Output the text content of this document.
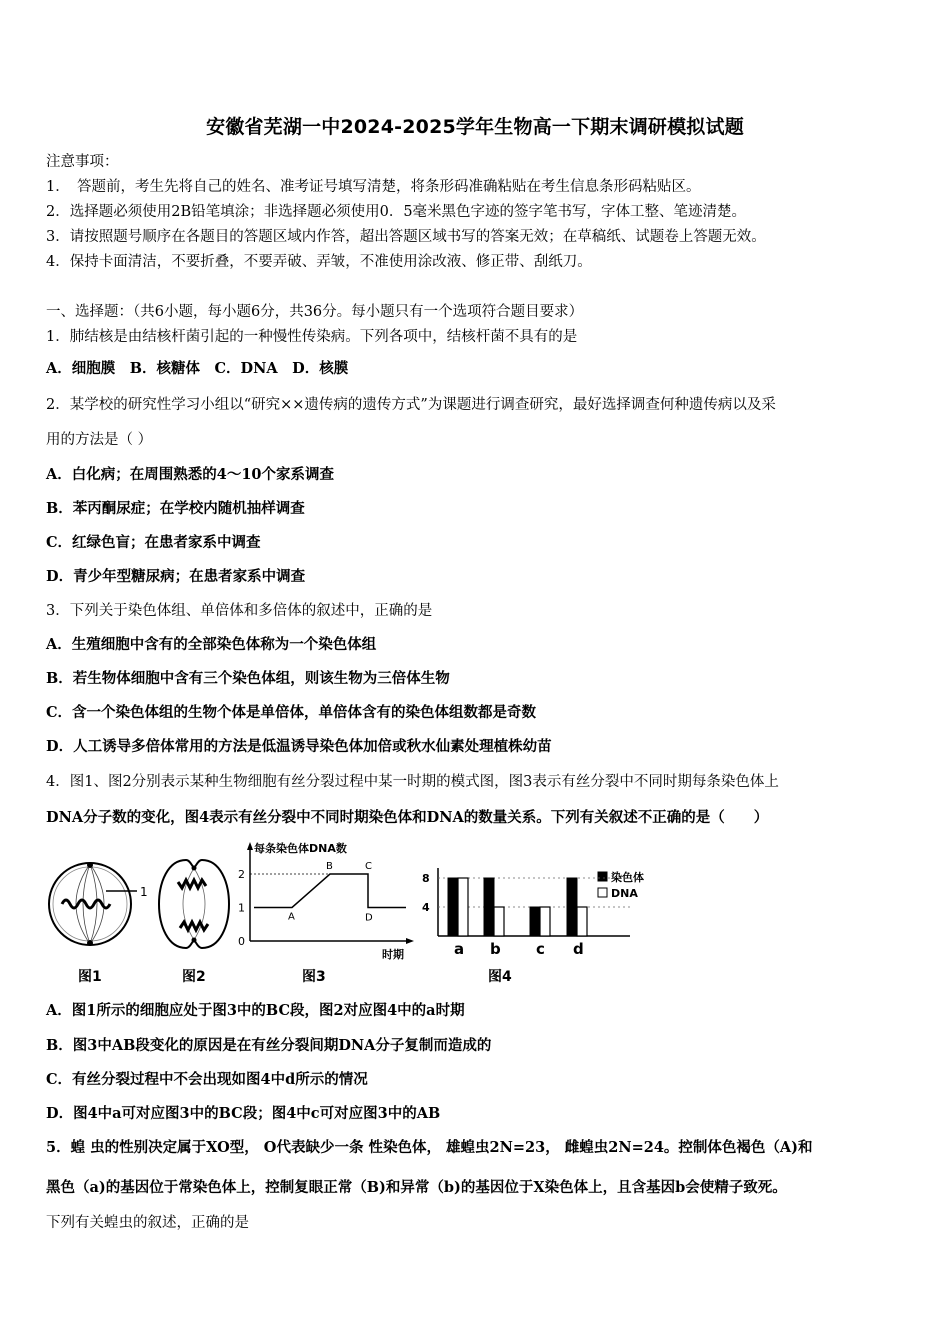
安徽省芜湖一中2024-2025学年生物高一下期末调研模拟试题
注意事项：
1．　答题前，考生先将自己的姓名、准考证号填写清楚，将条形码准确粘贴在考生信息条形码粘贴区。
2．选择题必须使用2B铅笔填涂；非选择题必须使用0．5毫米黑色字迹的签字笔书写，字体工整、笔迹清楚。
3．请按照题号顺序在各题目的答题区域内作答，超出答题区域书写的答案无效；在草稿纸、试题卷上答题无效。
4．保持卡面清洁，不要折叠，不要弄破、弄皱，不准使用涂改液、修正带、刮纸刀。
一、选择题：（共6小题，每小题6分，共36分。每小题只有一个选项符合题目要求）
1．肺结核是由结核杆菌引起的一种慢性传染病。下列各项中，结核杆菌不具有的是
A．细胞膜　B．核糖体　C．DNA　D．核膜
2．某学校的研究性学习小组以“研究××遗传病的遗传方式”为课题进行调查研究，最好选择调查何种遗传病以及采
用的方法是（ ）
A．白化病；在周围熟悉的4～10个家系调查
B．苯丙酮尿症；在学校内随机抽样调查
C．红绿色盲；在患者家系中调查
D．青少年型糖尿病；在患者家系中调查
3．下列关于染色体组、单倍体和多倍体的叙述中，正确的是
A．生殖细胞中含有的全部染色体称为一个染色体组
B．若生物体细胞中含有三个染色体组，则该生物为三倍体生物
C．含一个染色体组的生物个体是单倍体，单倍体含有的染色体组数都是奇数
D．人工诱导多倍体常用的方法是低温诱导染色体加倍或秋水仙素处理植株幼苗
4．图1、图2分别表示某种生物细胞有丝分裂过程中某一时期的模式图，图3表示有丝分裂中不同时期每条染色体上
DNA分子数的变化，图4表示有丝分裂中不同时期染色体和DNA的数量关系。下列有关叙述不正确的是（　　）
1
图1	图2
每条染色体DNA数
时期
图3
0
1
2
A
B	C
D
染色体
DNA
图4
4
8
a b c d
A．图1所示的细胞应处于图3中的BC段，图2对应图4中的a时期
B．图3中AB段变化的原因是在有丝分裂间期DNA分子复制而造成的
C．有丝分裂过程中不会出现如图4中d所示的情况
D．图4中a可对应图3中的BC段；图4中c可对应图3中的AB
5．蝗 虫的性别决定属于XO型， O代表缺少一条 性染色体， 雄蝗虫2N=23， 雌蝗虫2N=24。控制体色褐色（A)和
黑色（a)的基因位于常染色体上，控制复眼正常（B)和异常（b)的基因位于X染色体上，且含基因b会使精子致死。
下列有关蝗虫的叙述，正确的是
